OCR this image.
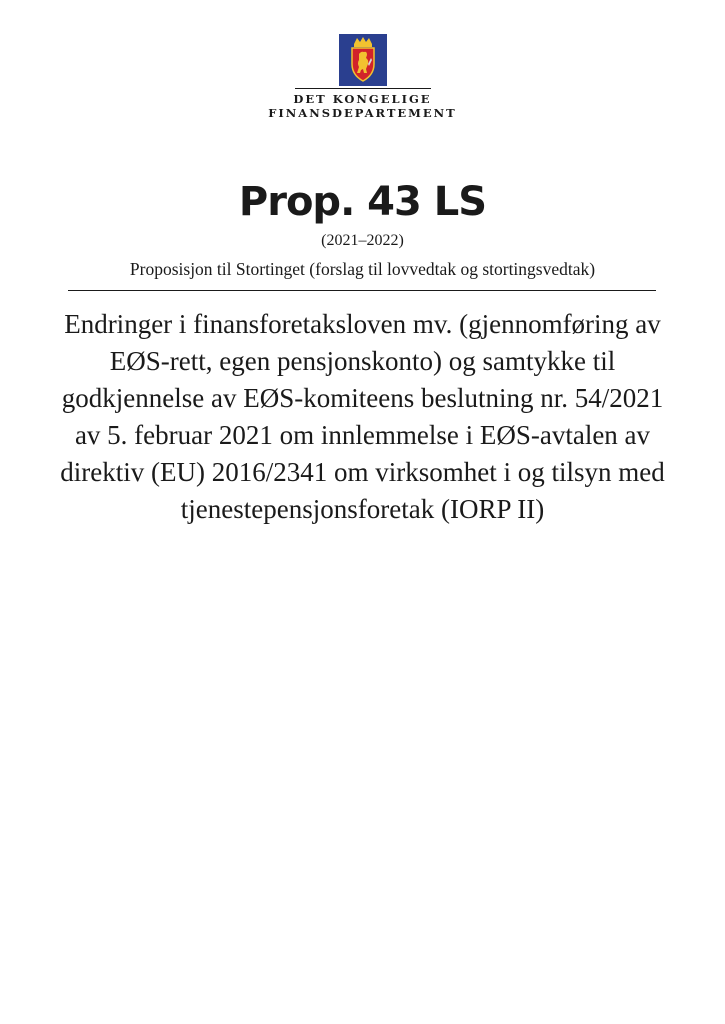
DET KONGELIGE
FINANSDEPARTEMENT
Prop. 43 LS
(2021–2022)
Proposisjon til Stortinget (forslag til lovvedtak og stortingsvedtak)
Endringer i finansforetaksloven mv. (gjennomføring av EØS-rett, egen pensjonskonto) og samtykke til godkjennelse av EØS-komiteens beslutning nr. 54/2021 av 5. februar 2021 om innlemmelse i EØS-avtalen av direktiv (EU) 2016/2341 om virksomhet i og tilsyn med tjenestepensjonsforetak (IORP II)
